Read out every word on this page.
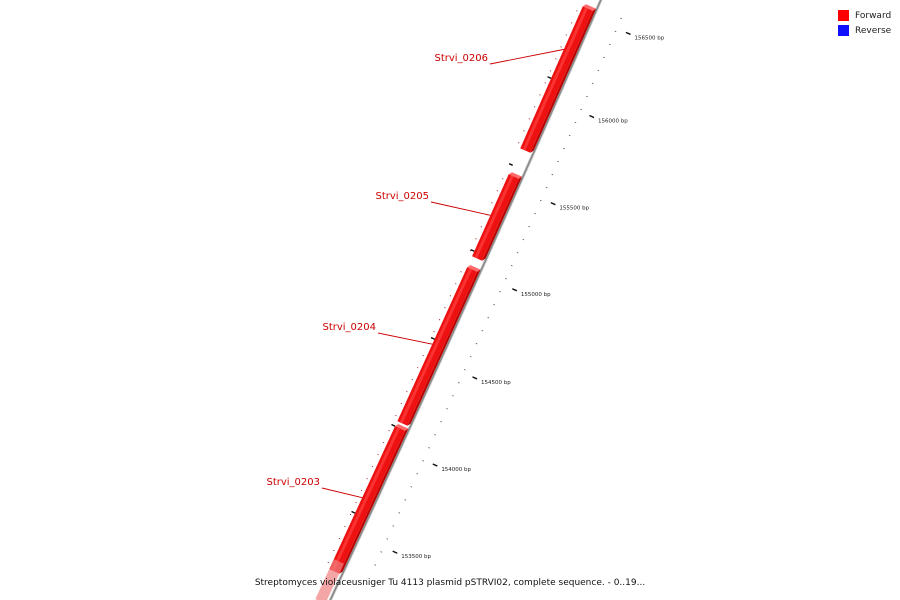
153500 bp
154000 bp
154500 bp
155000 bp
155500 bp
156000 bp
156500 bp
Strvi_0203
Strvi_0204
Strvi_0205
Strvi_0206
Forward
Reverse
Streptomyces violaceusniger Tu 4113 plasmid pSTRVI02, complete sequence. - 0..19...
